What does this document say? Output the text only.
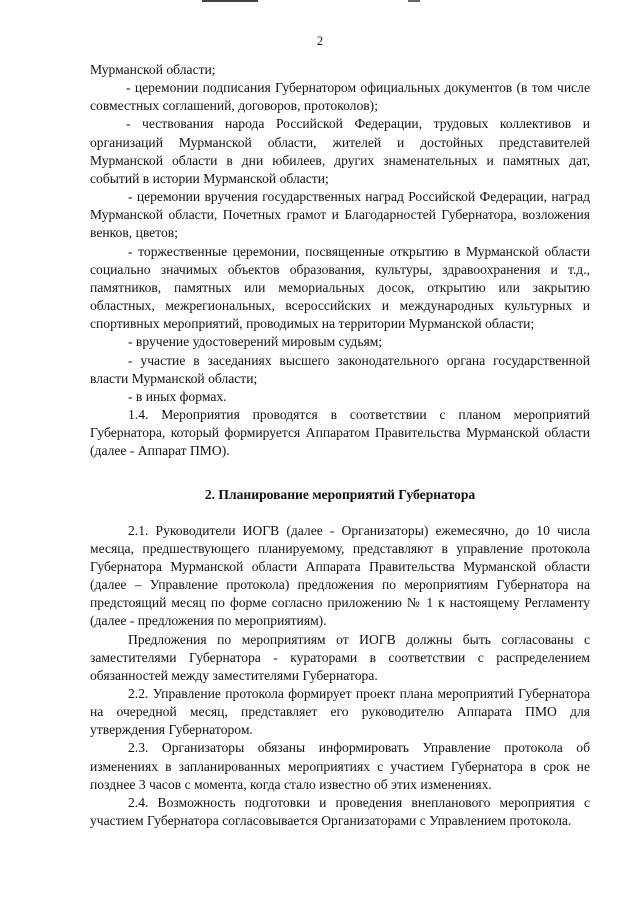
2

Мурманской области;

- церемонии подписания Губернатором официальных документов (в том числе совместных соглашений, договоров, протоколов);

- чествования народа Российской Федерации, трудовых коллективов и организаций Мурманской области, жителей и достойных представителей Мурманской области в дни юбилеев, других знаменательных и памятных дат, событий в истории Мурманской области;

- церемонии вручения государственных наград Российской Федерации, наград Мурманской области, Почетных грамот и Благодарностей Губернатора, возложения венков, цветов;

- торжественные церемонии, посвященные открытию в Мурманской области социально значимых объектов образования, культуры, здравоохранения и т.д., памятников, памятных или мемориальных досок, открытию или закрытию областных, межрегиональных, всероссийских и международных культурных и спортивных мероприятий, проводимых на территории Мурманской области;

- вручение удостоверений мировым судьям;

- участие в заседаниях высшего законодательного органа государственной власти Мурманской области;

- в иных формах.

1.4. Мероприятия проводятся в соответствии с планом мероприятий Губернатора, который формируется Аппаратом Правительства Мурманской области (далее - Аппарат ПМО).

2. Планирование мероприятий Губернатора

2.1. Руководители ИОГВ (далее - Организаторы) ежемесячно, до 10 числа месяца, предшествующего планируемому, представляют в управление протокола Губернатора Мурманской области Аппарата Правительства Мурманской области (далее – Управление протокола) предложения по мероприятиям Губернатора на предстоящий месяц по форме согласно приложению № 1 к настоящему Регламенту (далее - предложения по мероприятиям).

Предложения по мероприятиям от ИОГВ должны быть согласованы с заместителями Губернатора - кураторами в соответствии с распределением обязанностей между заместителями Губернатора.

2.2. Управление протокола формирует проект плана мероприятий Губернатора на очередной месяц, представляет его руководителю Аппарата ПМО для утверждения Губернатором.

2.3. Организаторы обязаны информировать Управление протокола об изменениях в запланированных мероприятиях с участием Губернатора в срок не позднее 3 часов с момента, когда стало известно об этих изменениях.

2.4. Возможность подготовки и проведения внепланового мероприятия с участием Губернатора согласовывается Организаторами с Управлением протокола.
